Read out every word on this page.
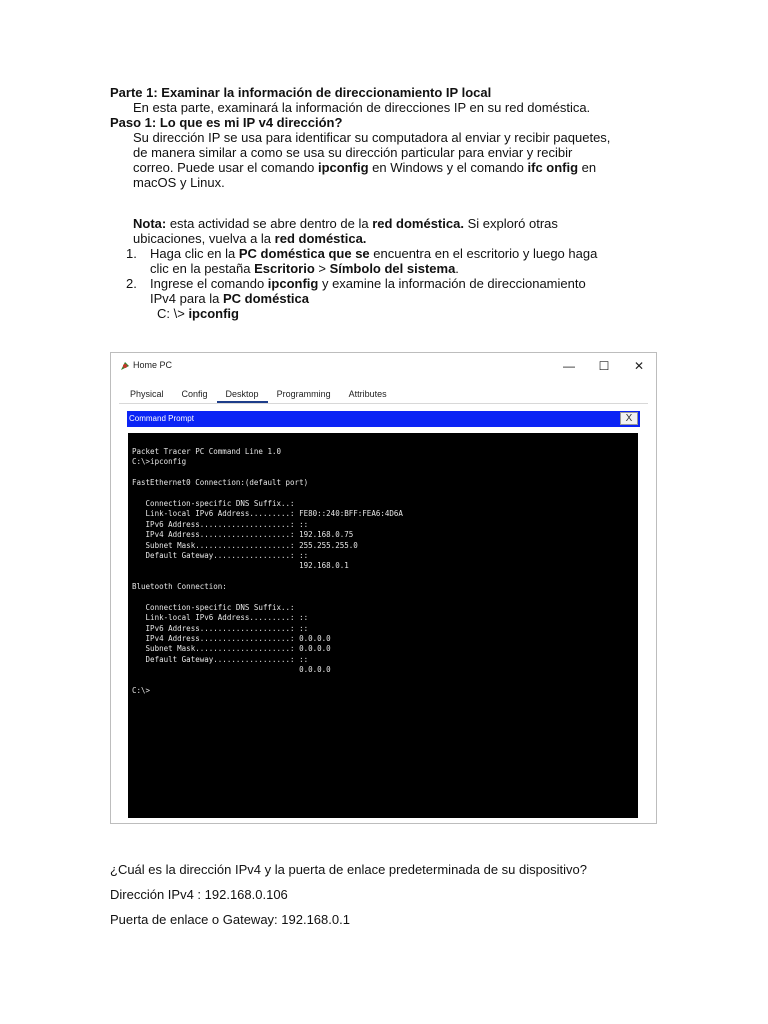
Parte 1: Examinar la información de direccionamiento IP local

En esta parte, examinará la información de direcciones IP en su red doméstica.

Paso 1: Lo que es mi IP v4 dirección?

Su dirección IP se usa para identificar su computadora al enviar y recibir paquetes,

de manera similar a como se usa su dirección particular para enviar y recibir

correo. Puede usar el comando ipconfig en Windows y el comando ifc onfig en

macOS y Linux.

Nota: esta actividad se abre dentro de la red doméstica. Si exploró otras

ubicaciones, vuelva a la red doméstica.

1. Haga clic en la PC doméstica que se encuentra en el escritorio y luego haga
clic en la pestaña Escritorio > Símbolo del sistema.
2. Ingrese el comando ipconfig y examine la información de direccionamiento
IPv4 para la PC doméstica

C: \> ipconfig

Home PC	—	☐	✕
Physical	Config	Desktop	Programming	Attributes
Command Prompt	X
Packet Tracer PC Command Line 1.0
C:\>ipconfig
FastEthernet0 Connection:(default port)
Connection-specific DNS Suffix..:
Link-local IPv6 Address.........: FE80::240:BFF:FEA6:4D6A
IPv6 Address....................: ::
IPv4 Address....................: 192.168.0.75
Subnet Mask.....................: 255.255.255.0
Default Gateway.................: ::
192.168.0.1
Bluetooth Connection:
Connection-specific DNS Suffix..:
Link-local IPv6 Address.........: ::
IPv6 Address....................: ::
IPv4 Address....................: 0.0.0.0
Subnet Mask.....................: 0.0.0.0
Default Gateway.................: ::
0.0.0.0
C:\>

¿Cuál es la dirección IPv4 y la puerta de enlace predeterminada de su dispositivo?

Dirección IPv4 : 192.168.0.106

Puerta de enlace o Gateway: 192.168.0.1
